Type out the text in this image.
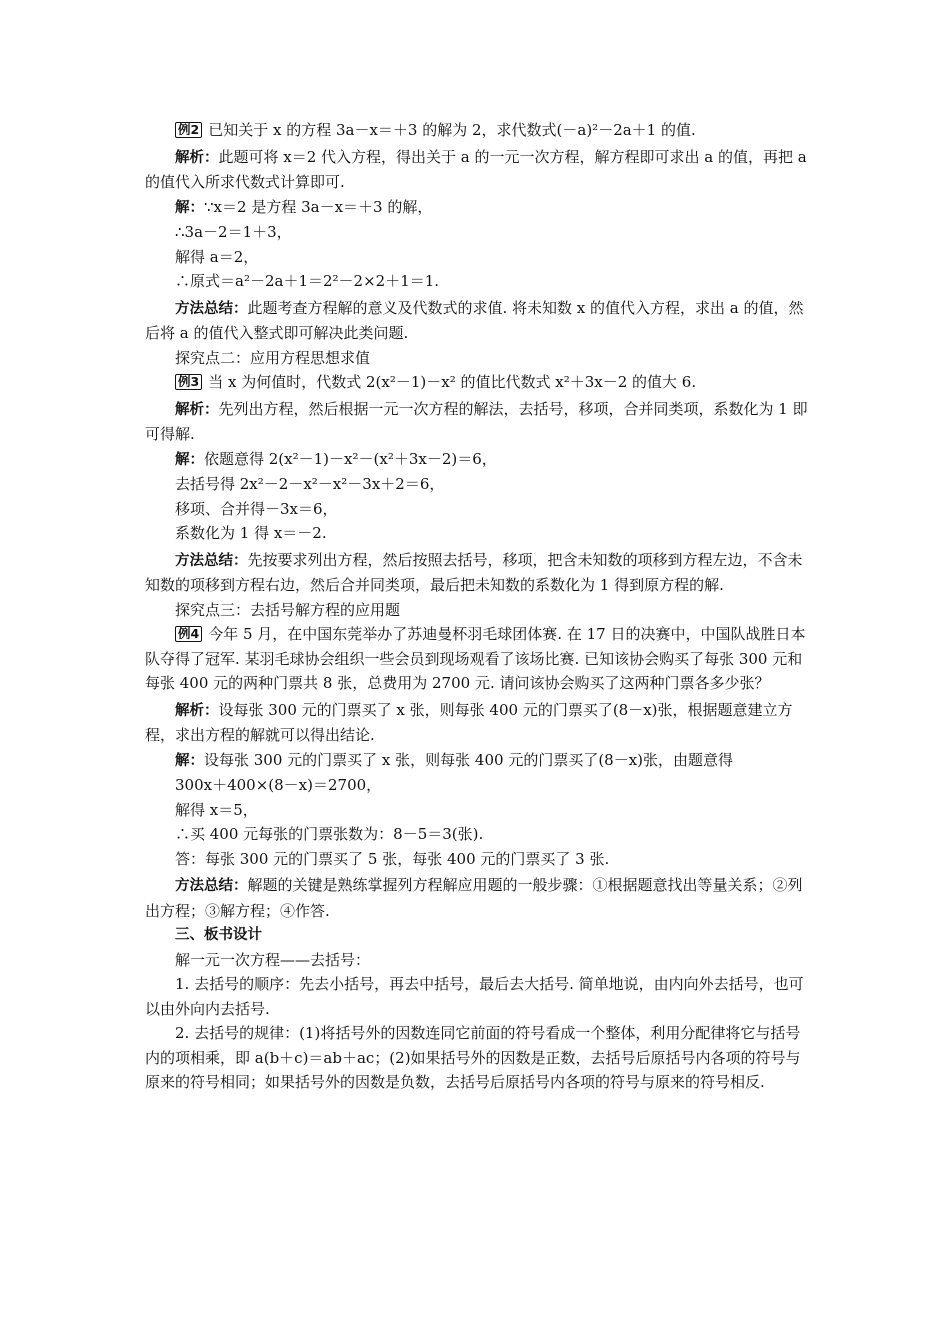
例2 已知关于 x 的方程 3a－x＝＋3 的解为 2，求代数式(－a)²－2a＋1 的值.

解析：此题可将 x＝2 代入方程，得出关于 a 的一元一次方程，解方程即可求出 a 的值，再把 a 的值代入所求代数式计算即可.

解：∵x＝2 是方程 3a－x＝＋3 的解，

∴3a－2＝1＋3，

解得 a＝2，

∴原式＝a²－2a＋1＝2²－2×2＋1＝1.

方法总结：此题考查方程解的意义及代数式的求值. 将未知数 x 的值代入方程，求出 a 的值，然后将 a 的值代入整式即可解决此类问题.

探究点二：应用方程思想求值

例3 当 x 为何值时，代数式 2(x²－1)－x² 的值比代数式 x²＋3x－2 的值大 6.

解析：先列出方程，然后根据一元一次方程的解法，去括号，移项，合并同类项，系数化为 1 即可得解.

解：依题意得 2(x²－1)－x²－(x²＋3x－2)＝6，

去括号得 2x²－2－x²－x²－3x＋2＝6，

移项、合并得－3x＝6，

系数化为 1 得 x＝－2.

方法总结：先按要求列出方程，然后按照去括号，移项，把含未知数的项移到方程左边，不含未知数的项移到方程右边，然后合并同类项，最后把未知数的系数化为 1 得到原方程的解.

探究点三：去括号解方程的应用题

例4 今年 5 月，在中国东莞举办了苏迪曼杯羽毛球团体赛. 在 17 日的决赛中，中国队战胜日本队夺得了冠军. 某羽毛球协会组织一些会员到现场观看了该场比赛. 已知该协会购买了每张 300 元和每张 400 元的两种门票共 8 张，总费用为 2700 元. 请问该协会购买了这两种门票各多少张？

解析：设每张 300 元的门票买了 x 张，则每张 400 元的门票买了(8－x)张，根据题意建立方程，求出方程的解就可以得出结论.

解：设每张 300 元的门票买了 x 张，则每张 400 元的门票买了(8－x)张，由题意得

300x＋400×(8－x)＝2700，

解得 x＝5，

∴买 400 元每张的门票张数为：8－5＝3(张).

答：每张 300 元的门票买了 5 张，每张 400 元的门票买了 3 张.

方法总结：解题的关键是熟练掌握列方程解应用题的一般步骤：①根据题意找出等量关系；②列出方程；③解方程；④作答.

三、板书设计

解一元一次方程——去括号：

1. 去括号的顺序：先去小括号，再去中括号，最后去大括号. 简单地说，由内向外去括号，也可以由外向内去括号.

2. 去括号的规律：(1)将括号外的因数连同它前面的符号看成一个整体，利用分配律将它与括号内的项相乘，即 a(b＋c)＝ab＋ac；(2)如果括号外的因数是正数，去括号后原括号内各项的符号与原来的符号相同；如果括号外的因数是负数，去括号后原括号内各项的符号与原来的符号相反.
